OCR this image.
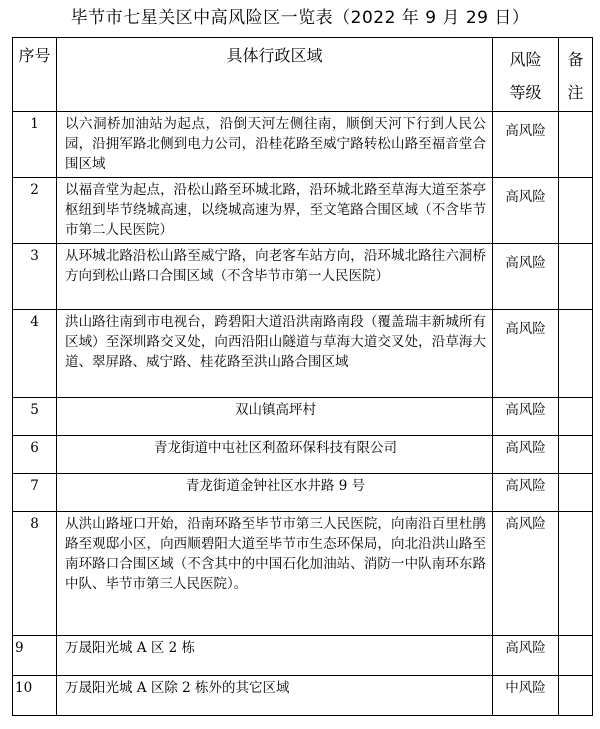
毕节市七星关区中高风险区一览表（2022 年 9 月 29 日）
序号	具体行政区域	风险等级	备注
1	以六洞桥加油站为起点，沿倒天河左侧往南，顺倒天河下行到人民公园，沿拥军路北侧到电力公司，沿桂花路至威宁路转松山路至福音堂合围区域	高风险	
2	以福音堂为起点，沿松山路至环城北路，沿环城北路至草海大道至茶亭枢纽到毕节绕城高速，以绕城高速为界，至文笔路合围区域（不含毕节市第二人民医院）	高风险	
3	从环城北路沿松山路至威宁路，向老客车站方向，沿环城北路往六洞桥方向到松山路口合围区域（不含毕节市第一人民医院）	高风险	
4	洪山路往南到市电视台，跨碧阳大道沿洪南路南段（覆盖瑞丰新城所有区域）至深圳路交叉处，向西沿阳山隧道与草海大道交叉处，沿草海大道、翠屏路、威宁路、桂花路至洪山路合围区域	高风险	
5	双山镇高坪村	高风险	
6	青龙街道中屯社区利盈环保科技有限公司	高风险	
7	青龙街道金钟社区水井路 9 号	高风险	
8	从洪山路垭口开始，沿南环路至毕节市第三人民医院，向南沿百里杜鹃路至观邸小区，向西顺碧阳大道至毕节市生态环保局，向北沿洪山路至南环路口合围区域（不含其中的中国石化加油站、消防一中队南环东路中队、毕节市第三人民医院）。	高风险	
9	万晟阳光城 A 区 2 栋	高风险	
10	万晟阳光城 A 区除 2 栋外的其它区域	中风险	
